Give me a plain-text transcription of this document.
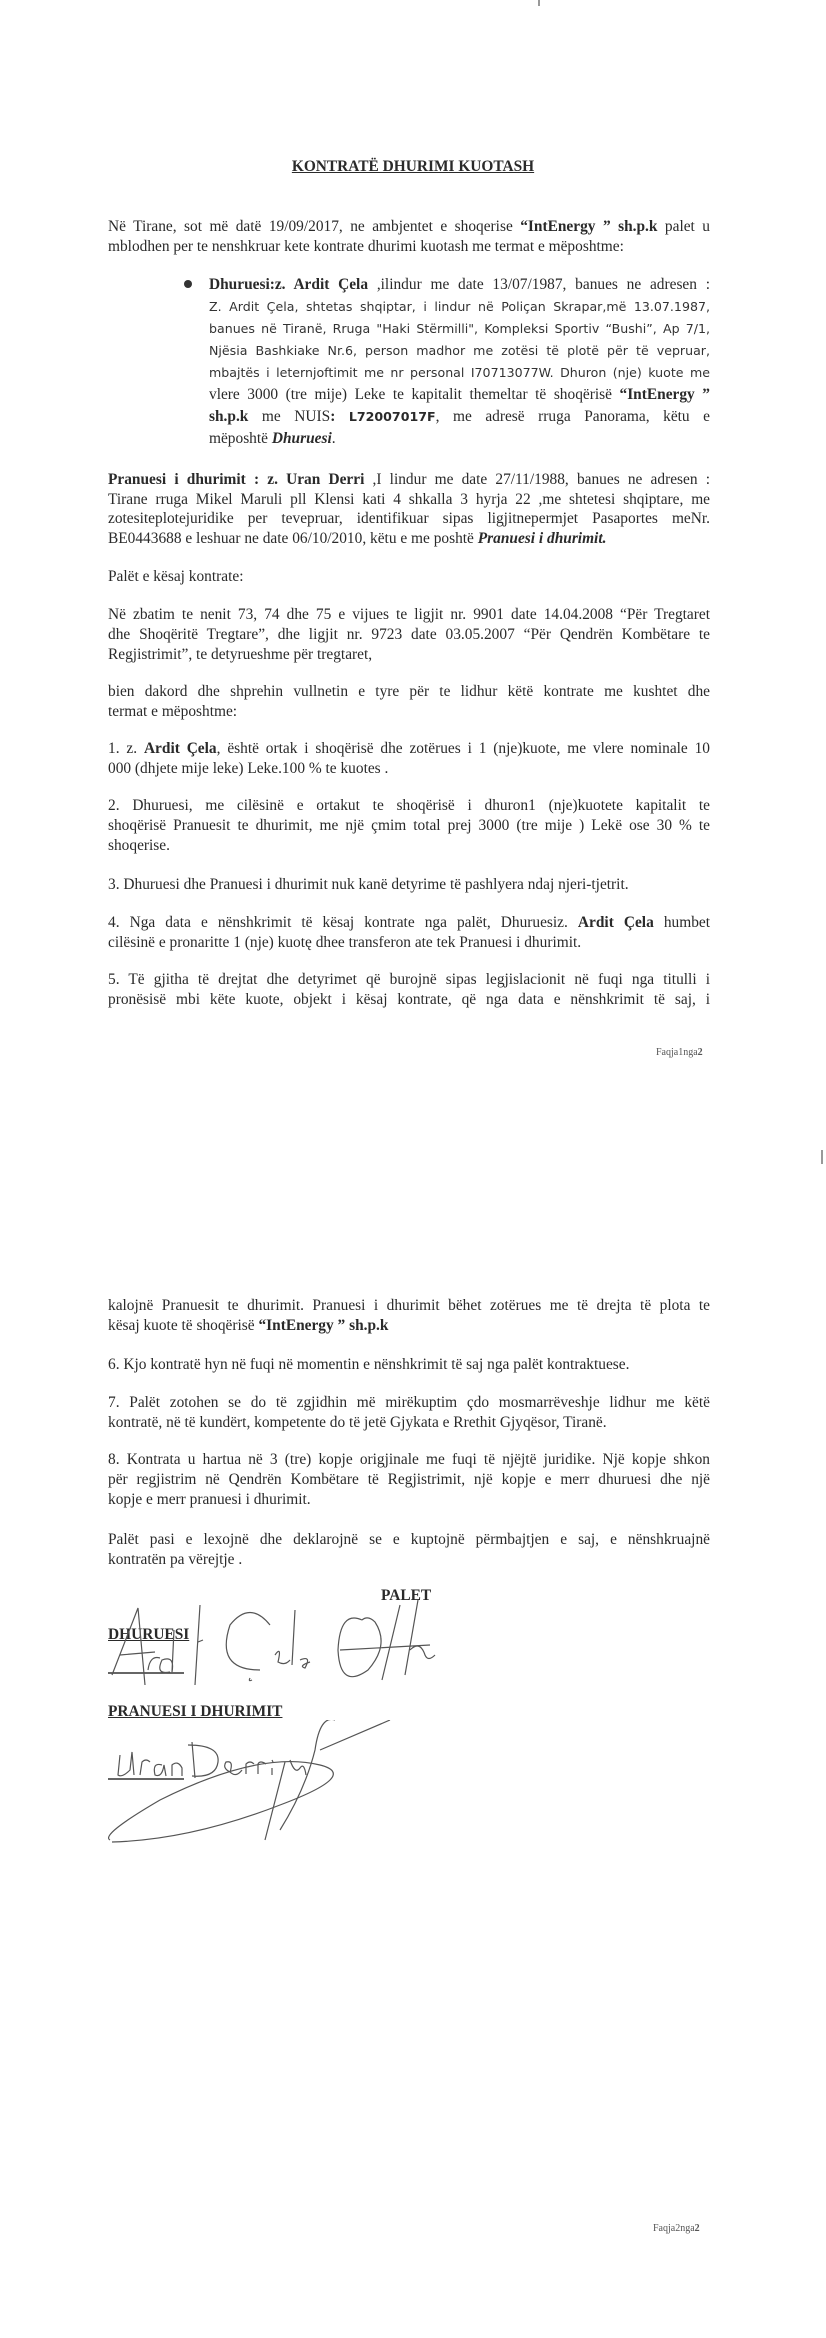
KONTRATË DHURIMI KUOTASH
Në Tirane, sot më datë 19/09/2017, ne ambjentet e shoqerise “IntEnergy ” sh.p.k palet u
mblodhen per te nenshkruar kete kontrate dhurimi kuotash me termat e mëposhtme:
Dhuruesi:z. Ardit Çela ,ilindur me date 13/07/1987, banues ne adresen :
Z. Ardit Çela, shtetas shqiptar, i lindur në Poliçan Skrapar,më 13.07.1987,
banues në Tiranë, Rruga "Haki Stërmilli", Kompleksi Sportiv “Bushi”, Ap 7/1,
Njësia Bashkiake Nr.6, person madhor me zotësi të plotë për të vepruar,
mbajtës i leternjoftimit me nr personal I70713077W. Dhuron (nje) kuote me
vlere 3000 (tre mije) Leke te kapitalit themeltar të shoqërisë “IntEnergy ”
sh.p.k me NUIS: L72007017F, me adresë rruga Panorama, këtu e
mëposhtë Dhuruesi.
Pranuesi i dhurimit : z. Uran Derri ,I lindur me date 27/11/1988, banues ne adresen :
Tirane rruga Mikel Maruli pll Klensi kati 4 shkalla 3 hyrja 22 ,me shtetesi shqiptare, me
zotesiteplotejuridike per tevepruar, identifikuar sipas ligjitnepermjet Pasaportes meNr.
BE0443688 e leshuar ne date 06/10/2010, këtu e me poshtë Pranuesi i dhurimit.
Palët e kësaj kontrate:
Në zbatim te nenit 73, 74 dhe 75 e vijues te ligjit nr. 9901 date 14.04.2008 “Për Tregtaret
dhe Shoqëritë Tregtare”, dhe ligjit nr. 9723 date 03.05.2007 “Për Qendrën Kombëtare te
Regjistrimit”, te detyrueshme për tregtaret,
bien dakord dhe shprehin vullnetin e tyre për te lidhur këtë kontrate me kushtet dhe
termat e mëposhtme:
1. z. Ardit Çela, është ortak i shoqërisë dhe zotërues i 1 (nje)kuote, me vlere nominale 10
000 (dhjete mije leke) Leke.100 % te kuotes .
2. Dhuruesi, me cilësinë e ortakut te shoqërisë i dhuron1 (nje)kuotete kapitalit te
shoqërisë Pranuesit te dhurimit, me një çmim total prej 3000 (tre mije ) Lekë ose 30 % te
shoqerise.
3. Dhuruesi dhe Pranuesi i dhurimit nuk kanë detyrime të pashlyera ndaj njeri-tjetrit.
4. Nga data e nënshkrimit të kësaj kontrate nga palët, Dhuruesiz. Ardit Çela humbet
cilësinë e pronaritte 1 (nje) kuotę dhee transferon ate tek Pranuesi i dhurimit.
5. Të gjitha të drejtat dhe detyrimet që burojnë sipas legjislacionit në fuqi nga titulli i
pronësisë mbi këte kuote, objekt i kësaj kontrate, që nga data e nënshkrimit të saj, i
Faqja1nga2
kalojnë Pranuesit te dhurimit. Pranuesi i dhurimit bëhet zotërues me të drejta të plota te
kësaj kuote të shoqërisë “IntEnergy ” sh.p.k
6. Kjo kontratë hyn në fuqi në momentin e nënshkrimit të saj nga palët kontraktuese.
7. Palët zotohen se do të zgjidhin më mirëkuptim çdo mosmarrëveshje lidhur me këtë
kontratë, në të kundërt, kompetente do të jetë Gjykata e Rrethit Gjyqësor, Tiranë.
8. Kontrata u hartua në 3 (tre) kopje origjinale me fuqi të njëjtë juridike. Një kopje shkon
për regjistrim në Qendrën Kombëtare të Regjistrimit, një kopje e merr dhuruesi dhe një
kopje e merr pranuesi i dhurimit.
Palët pasi e lexojnë dhe deklarojnë se e kuptojnë përmbajtjen e saj, e nënshkruajnë
kontratën pa vërejtje .
PALET
DHURUESI
PRANUESI I DHURIMIT
Faqja2nga2
